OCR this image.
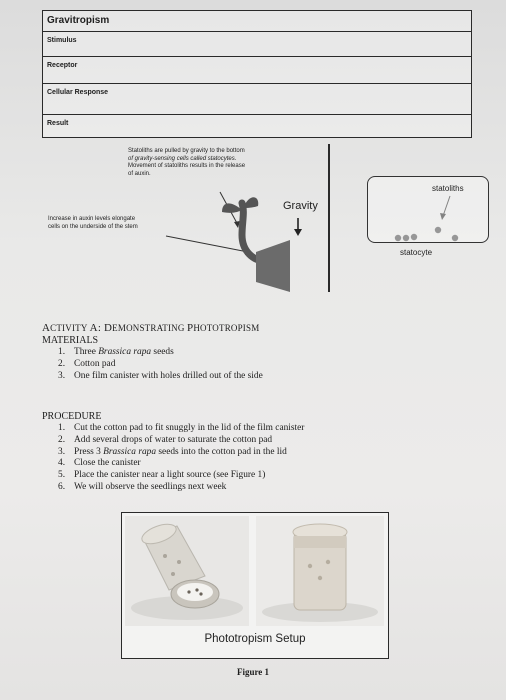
Gravitropism
Stimulus
Receptor
Cellular Response
Result
Statoliths are pulled by gravity to the bottom
of gravity-sensing cells called statocytes.
Movement of statoliths results in the release
of auxin.
Increase in auxin levels elongate
cells on the underside of the stem
Gravity
statoliths
statocyte
ACTIVITY A: DEMONSTRATING PHOTOTROPISM
MATERIALS
1. Three Brassica rapa seeds
2. Cotton pad
3. One film canister with holes drilled out of the side
PROCEDURE
1. Cut the cotton pad to fit snuggly in the lid of the film canister
2. Add several drops of water to saturate the cotton pad
3. Press 3 Brassica rapa seeds into the cotton pad in the lid
4. Close the canister
5. Place the canister near a light source (see Figure 1)
6. We will observe the seedlings next week
Phototropism Setup
Figure 1
